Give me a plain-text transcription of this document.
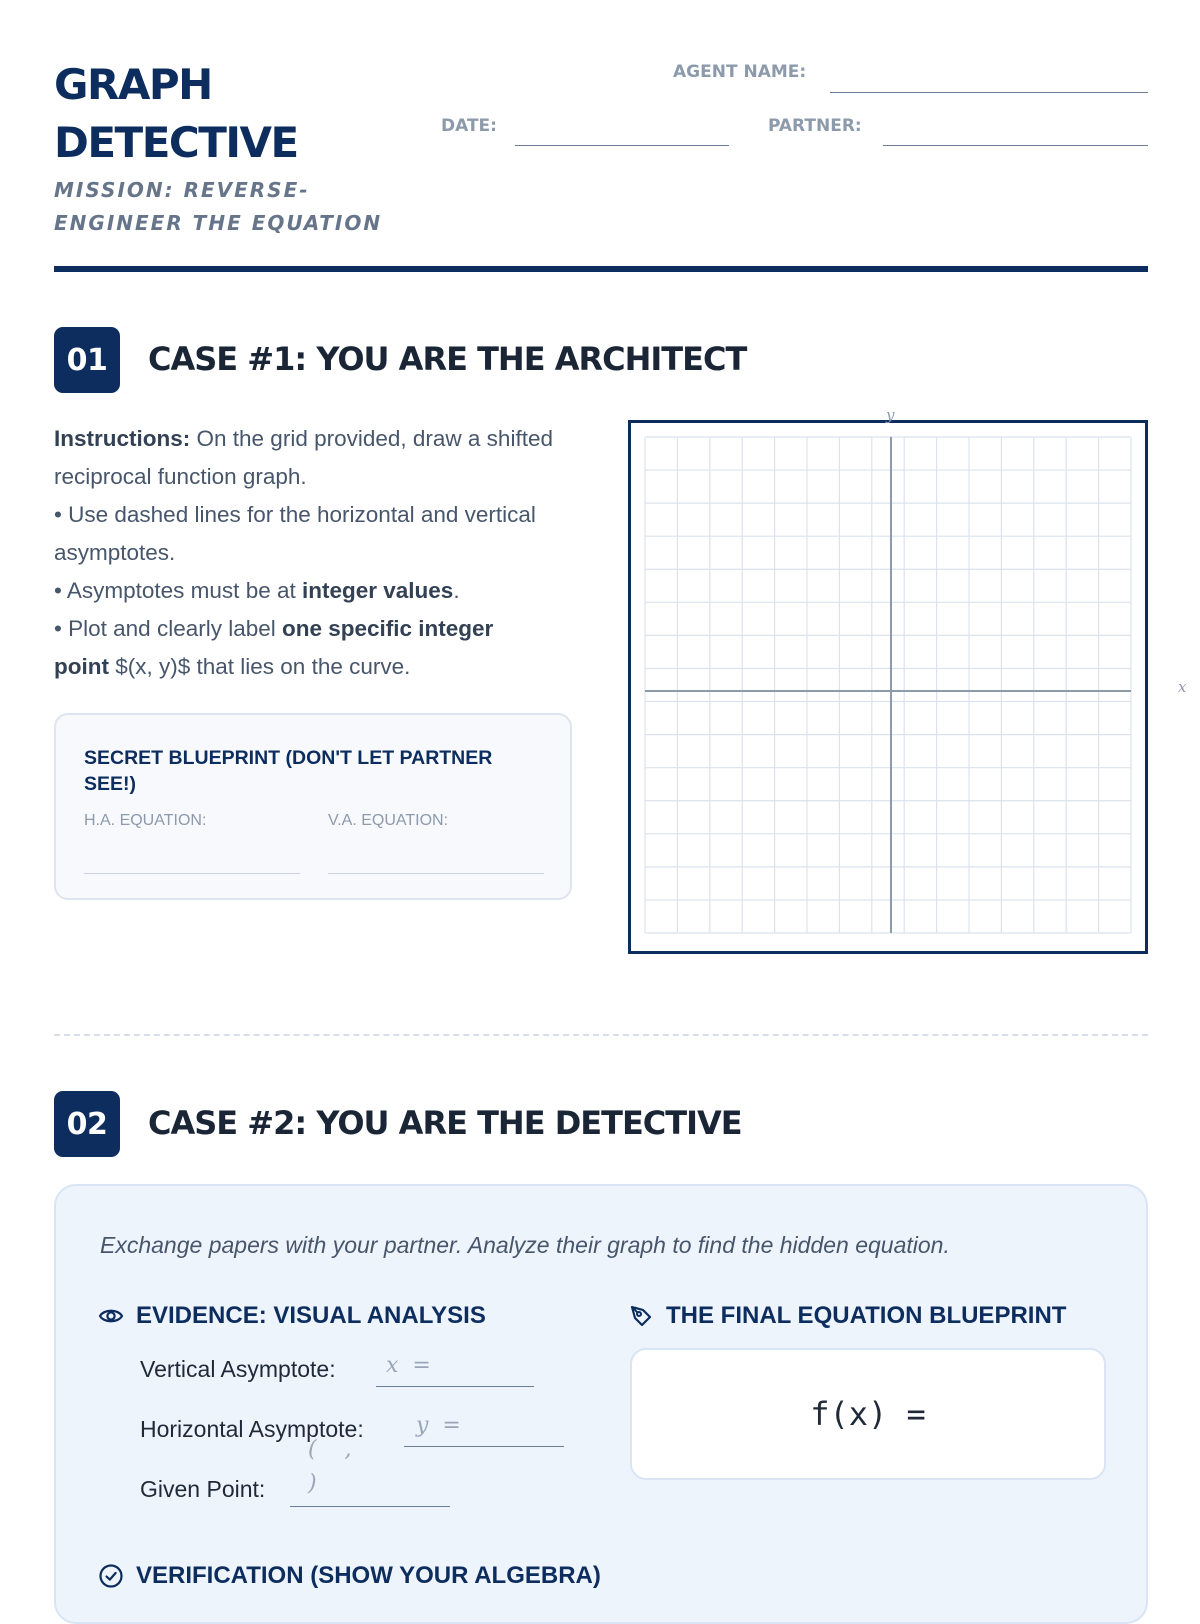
GRAPH
DETECTIVE
MISSION: REVERSE-ENGINEER THE EQUATION
AGENT NAME:
DATE:	PARTNER:
01	CASE #1: YOU ARE THE ARCHITECT

Instructions: On the grid provided, draw a shifted reciprocal function graph.

• Use dashed lines for the horizontal and vertical asymptotes.

• Asymptotes must be at integer values.

• Plot and clearly label one specific integer point $(x, y)$ that lies on the curve.

SECRET BLUEPRINT (DON'T LET PARTNER SEE!)
H.A. EQUATION:	V.A. EQUATION:
y
x
02	CASE #2: YOU ARE THE DETECTIVE
Exchange papers with your partner. Analyze their graph to find the hidden equation.
EVIDENCE: VISUAL ANALYSIS
Vertical Asymptote: x  =
Horizontal Asymptote: y  =
Given Point:
(    ,
)
THE FINAL EQUATION BLUEPRINT
f(x) =
VERIFICATION (SHOW YOUR ALGEBRA)
